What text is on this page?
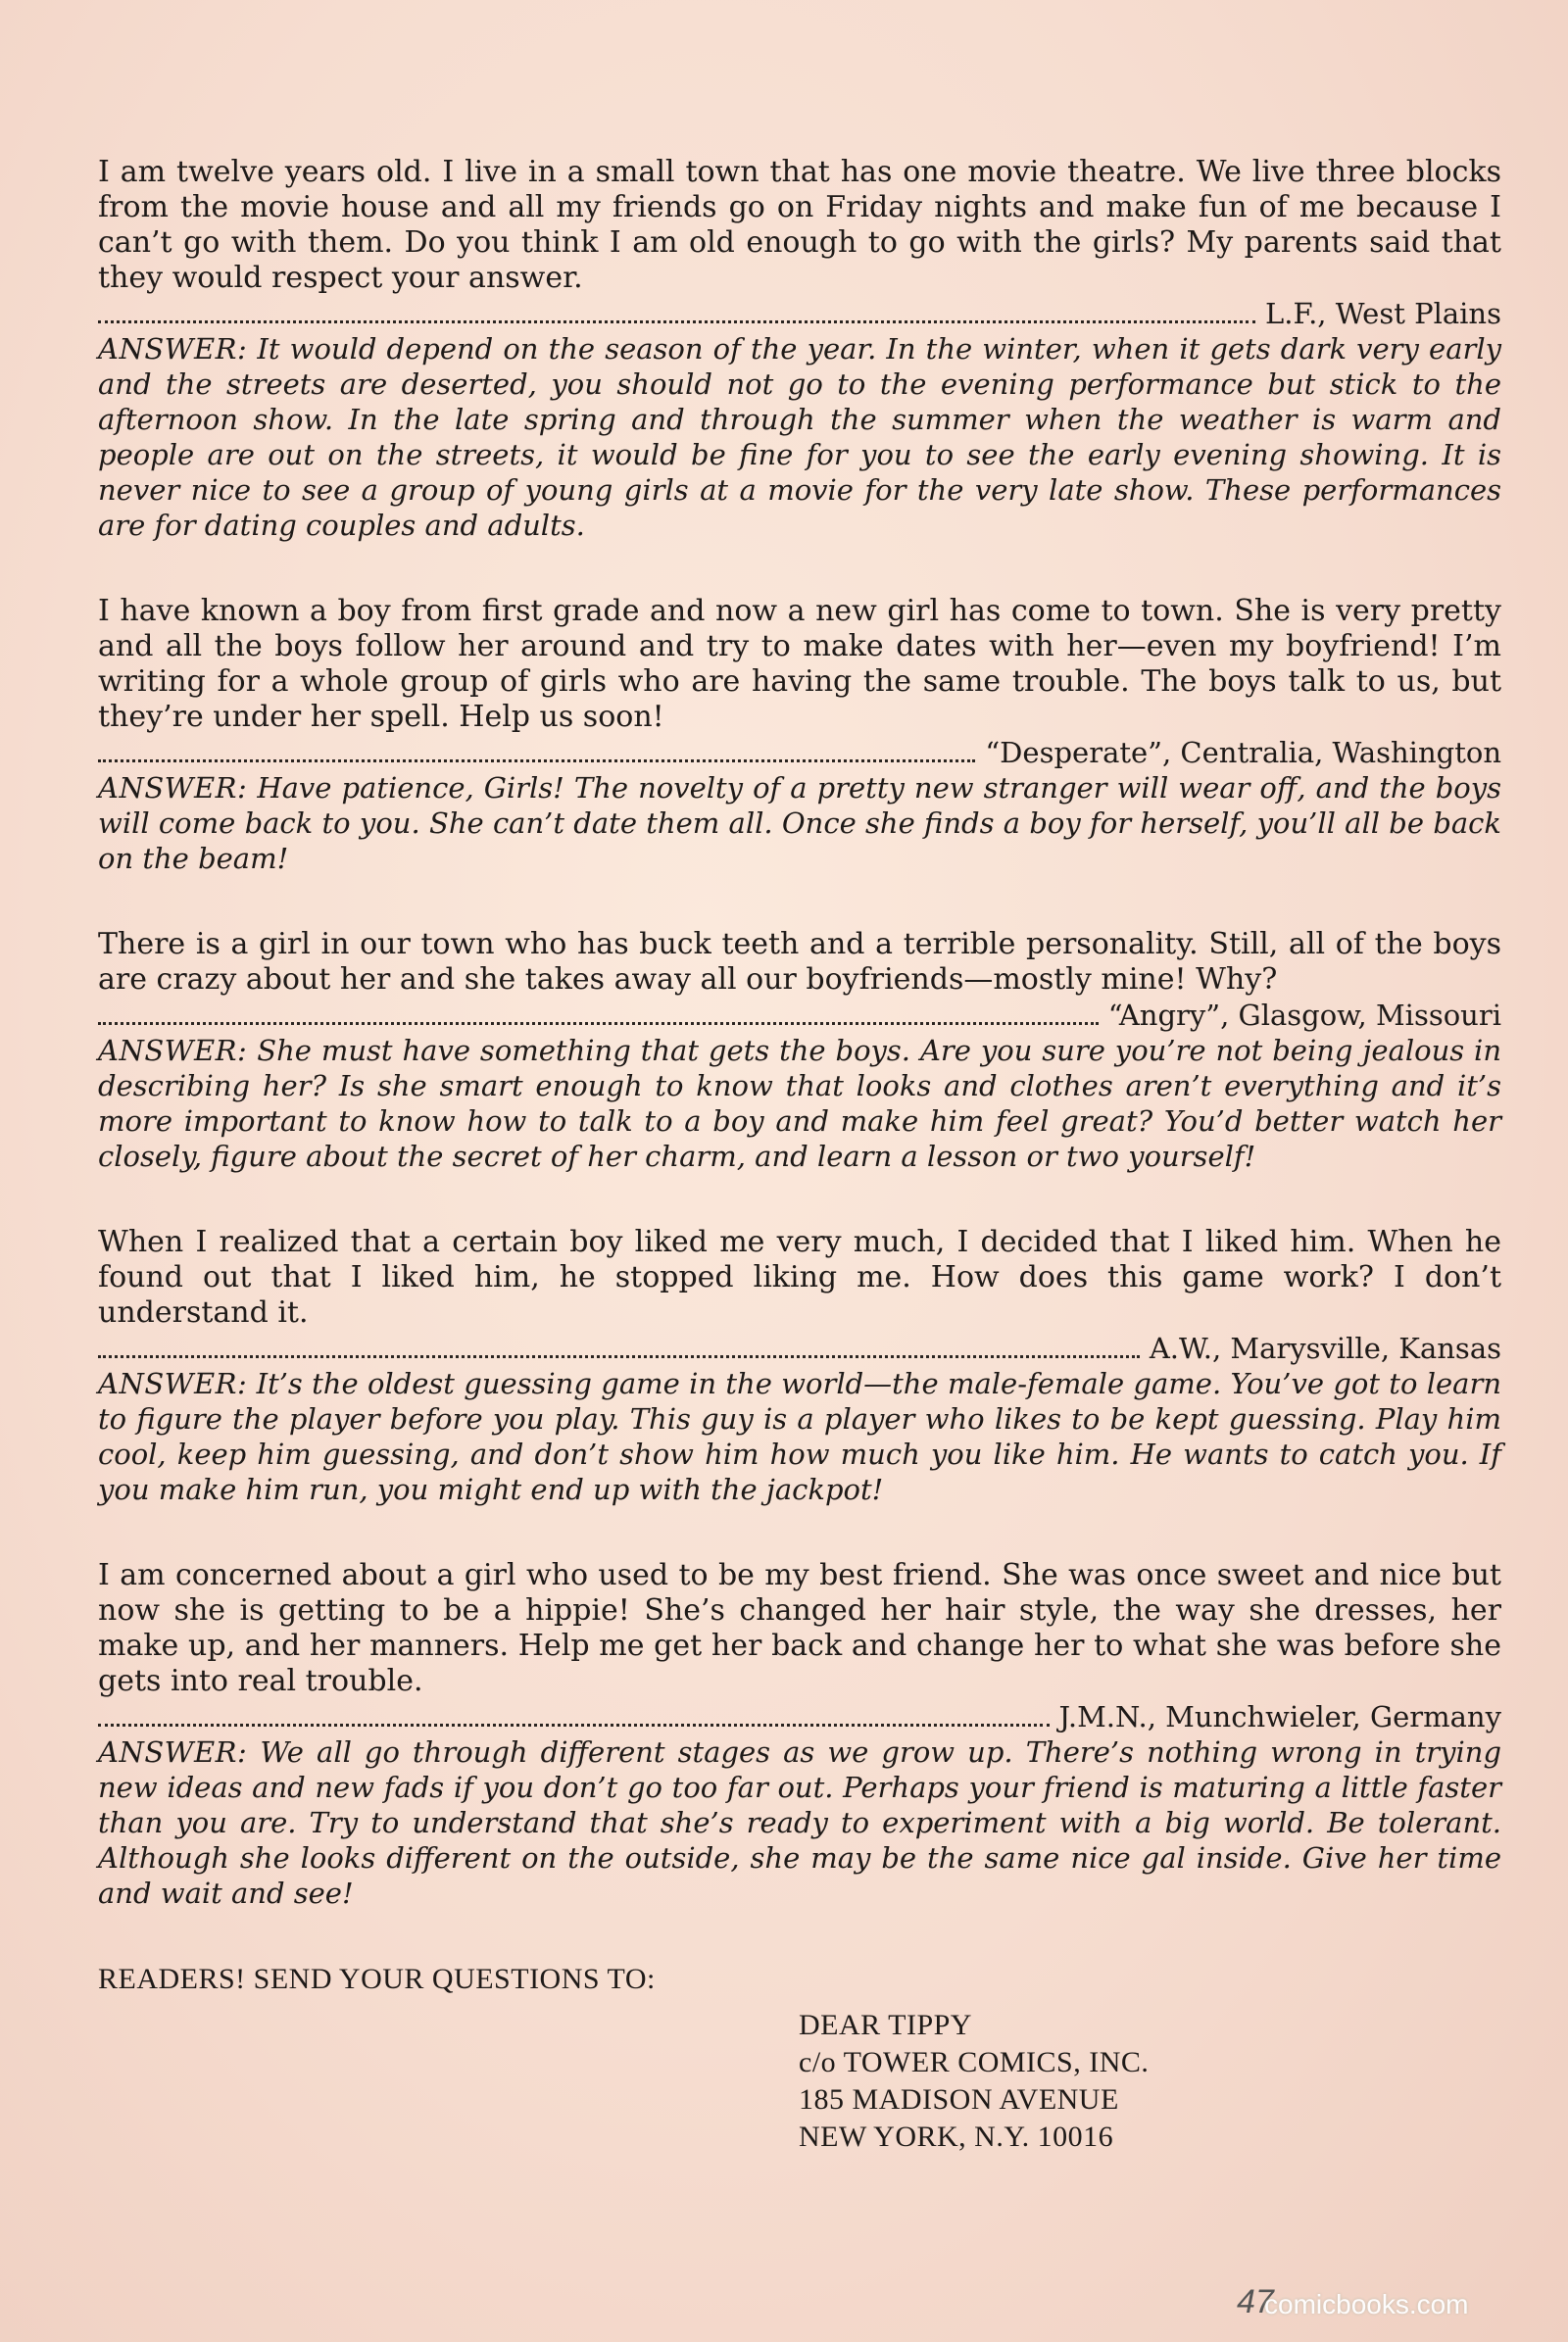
I am twelve years old. I live in a small town that has one movie theatre. We live three blocks from the movie house and all my friends go on Friday nights and make fun of me because I can’t go with them. Do you think I am old enough to go with the girls? My parents said that they would respect your answer.

L.F., West Plains

ANSWER: It would depend on the season of the year. In the winter, when it gets dark very early and the streets are deserted, you should not go to the evening performance but stick to the afternoon show. In the late spring and through the summer when the weather is warm and people are out on the streets, it would be fine for you to see the early evening showing. It is never nice to see a group of young girls at a movie for the very late show. These performances are for dating couples and adults.

I have known a boy from first grade and now a new girl has come to town. She is very pretty and all the boys follow her around and try to make dates with her—even my boyfriend! I’m writing for a whole group of girls who are having the same trouble. The boys talk to us, but they’re under her spell. Help us soon!

“Desperate”, Centralia, Washington

ANSWER: Have patience, Girls! The novelty of a pretty new stranger will wear off, and the boys will come back to you. She can’t date them all. Once she finds a boy for herself, you’ll all be back on the beam!

There is a girl in our town who has buck teeth and a terrible personality. Still, all of the boys are crazy about her and she takes away all our boyfriends—mostly mine! Why?

“Angry”, Glasgow, Missouri

ANSWER: She must have something that gets the boys. Are you sure you’re not being jealous in describing her? Is she smart enough to know that looks and clothes aren’t everything and it’s more important to know how to talk to a boy and make him feel great? You’d better watch her closely, figure about the secret of her charm, and learn a lesson or two yourself!

When I realized that a certain boy liked me very much, I decided that I liked him. When he found out that I liked him, he stopped liking me. How does this game work? I don’t understand it.

A.W., Marysville, Kansas

ANSWER: It’s the oldest guessing game in the world—the male-female game. You’ve got to learn to figure the player before you play. This guy is a player who likes to be kept guessing. Play him cool, keep him guessing, and don’t show him how much you like him. He wants to catch you. If you make him run, you might end up with the jackpot!

I am concerned about a girl who used to be my best friend. She was once sweet and nice but now she is getting to be a hippie! She’s changed her hair style, the way she dresses, her make up, and her manners. Help me get her back and change her to what she was before she gets into real trouble.

J.M.N., Munchwieler, Germany

ANSWER: We all go through different stages as we grow up. There’s nothing wrong in trying new ideas and new fads if you don’t go too far out. Perhaps your friend is maturing a little faster than you are. Try to understand that she’s ready to experiment with a big world. Be tolerant. Although she looks different on the outside, she may be the same nice gal inside. Give her time and wait and see!

READERS! SEND YOUR QUESTIONS TO:
DEAR TIPPY
c/o TOWER COMICS, INC.
185 MADISON AVENUE
NEW YORK, N.Y. 10016
47
comicbooks.com
